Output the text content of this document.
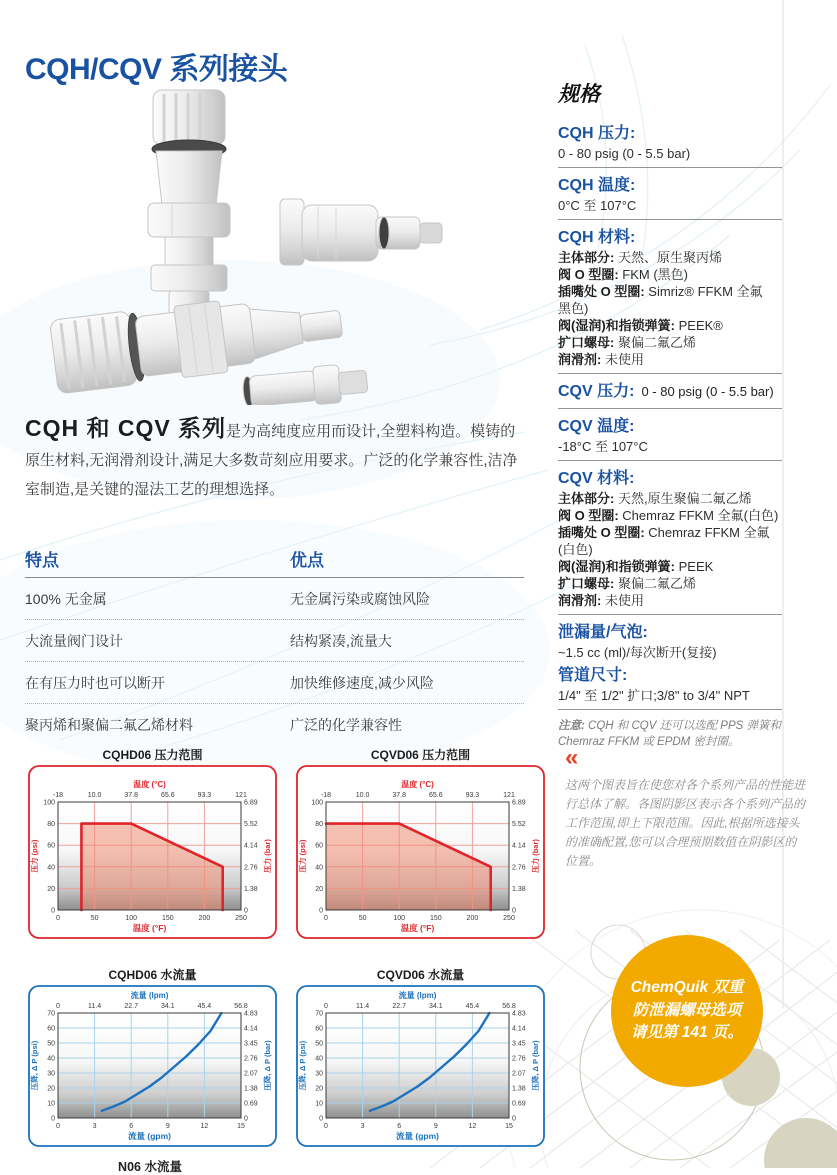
CQH/CQV 系列接头
CQH 和 CQV 系列是为高纯度应用而设计,全塑料构造。模铸的原生材料,无润滑剂设计,满足大多数苛刻应用要求。广泛的化学兼容性,洁净室制造,是关键的湿法工艺的理想选择。
特点	优点
100% 无金属	无金属污染或腐蚀风险
大流量阀门设计	结构紧凑,流量大
在有压力时也可以断开	加快维修速度,减少风险
聚丙烯和聚偏二氟乙烯材料	广泛的化学兼容性
规格
CQH 压力:
0 - 80 psig (0 - 5.5 bar)
CQH 温度:
0°C 至 107°C
CQH 材料:
主体部分: 天然、原生聚丙烯
阀 O 型圈: FKM (黑色)
插嘴处 O 型圈: Simriz® FFKM 全氟
黑色)
阀(湿润)和指锁弹簧: PEEK®
扩口螺母: 聚偏二氟乙烯
润滑剂: 未使用
CQV 压力: 0 - 80 psig (0 - 5.5 bar)
CQV 温度:
-18°C 至 107°C
CQV 材料:
主体部分: 天然,原生聚偏二氟乙烯
阀 O 型圈: Chemraz FFKM 全氟(白色)
插嘴处 O 型圈: Chemraz FFKM 全氟(白色)
阀(湿润)和指锁弹簧: PEEK
扩口螺母: 聚偏二氟乙烯
润滑剂: 未使用
泄漏量/气泡:
~1.5 cc (ml)/每次断开(复接)
管道尺寸:
1/4" 至 1/2" 扩口;3/8" to 3/4" NPT
注意: CQH 和 CQV 还可以选配 PPS 弹簧和 Chemraz FFKM 或 EPDM 密封圈。
CQHD06 压力范围
-18	10.0	37.8	65.6	93.3	121
温度 (°C)
0	50	100	150	200	250
温度 (°F)
100
80
60
40
20
0
6.89
5.52
4.14
2.76
1.38
0
压力 (psi)	压力 (bar)
CQVD06 压力范围
-18	10.0	37.8	65.6	93.3	121
温度 (°C)
0	50	100	150	200	250
温度 (°F)
100
80
60
40
20
0
6.89
5.52
4.14
2.76
1.38
0
压力 (psi)	压力 (bar)
CQHD06 水流量
0	11.4	22.7	34.1	45.4	56.8
流量 (lpm)
0	3	6	9	12	15
流量 (gpm)
70
60
50
40
30
20
10
0
4.83
4.14
3.45
2.76
2.07
1.38
0.69
0
压降, Δ P (psi)	压降, Δ P (bar)
CQVD06 水流量
0	11.4	22.7	34.1	45.4	56.8
流量 (lpm)
0	3	6	9	12	15
流量 (gpm)
70
60
50
40
30
20
10
0
4.83
4.14
3.45
2.76
2.07
1.38
0.69
0
压降, Δ P (psi)	压降, Δ P (bar)
«

这两个图表旨在使您对各个系列产品的性能进行总体了解。各图阴影区表示各个系列产品的工作范围,即上下限范围。因此,根据所选接头的准确配置,您可以合理预期数值在阴影区的位置。

ChemQuik 双重
防泄漏螺母选项
请见第 141 页。
N06 水流量
